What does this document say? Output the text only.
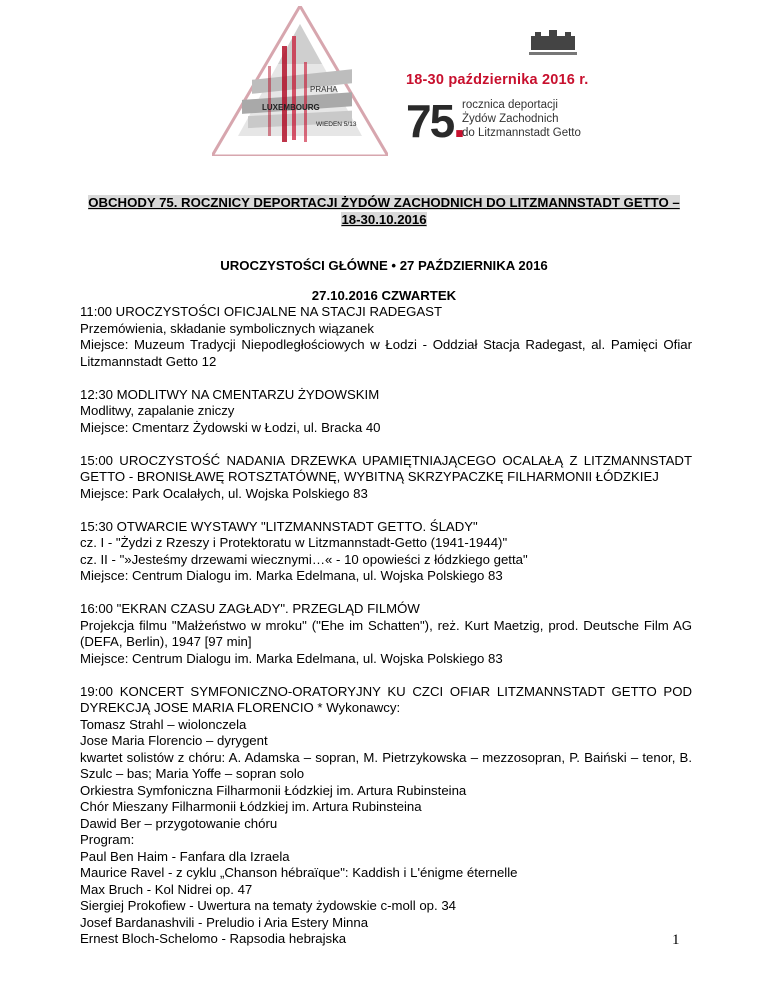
PRAHA
LUXEMBOURG
WIEDEN 5/13
18-30 października 2016 r.
75.
rocznica deportacji
Żydów Zachodnich
do Litzmannstadt Getto
OBCHODY 75. ROCZNICY DEPORTACJI ŻYDÓW ZACHODNICH DO LITZMANNSTADT GETTO – 18-30.10.2016
UROCZYSTOŚCI GŁÓWNE • 27 PAŹDZIERNIKA 2016
27.10.2016 CZWARTEK

11:00 UROCZYSTOŚCI OFICJALNE NA STACJI RADEGAST

Przemówienia, składanie symbolicznych wiązanek

Miejsce: Muzeum Tradycji Niepodległościowych w Łodzi - Oddział Stacja Radegast, al. Pamięci Ofiar Litzmannstadt Getto 12

12:30 MODLITWY NA CMENTARZU ŻYDOWSKIM

Modlitwy, zapalanie zniczy

Miejsce: Cmentarz Żydowski w Łodzi, ul. Bracka 40

15:00 UROCZYSTOŚĆ NADANIA DRZEWKA UPAMIĘTNIAJĄCEGO OCALAŁĄ Z LITZMANNSTADT GETTO - BRONISŁAWĘ ROTSZTATÓWNĘ, WYBITNĄ SKRZYPACZKĘ FILHARMONII ŁÓDZKIEJ

Miejsce: Park Ocalałych, ul. Wojska Polskiego 83

15:30 OTWARCIE WYSTAWY "LITZMANNSTADT GETTO. ŚLADY"

cz. I - "Żydzi z Rzeszy i Protektoratu w Litzmannstadt-Getto (1941-1944)"

cz. II - "»Jesteśmy drzewami wiecznymi…« - 10 opowieści z łódzkiego getta"

Miejsce: Centrum Dialogu im. Marka Edelmana, ul. Wojska Polskiego 83

16:00 "EKRAN CZASU ZAGŁADY". PRZEGLĄD FILMÓW

Projekcja filmu "Małżeństwo w mroku" ("Ehe im Schatten"), reż. Kurt Maetzig, prod. Deutsche Film AG (DEFA, Berlin), 1947 [97 min]

Miejsce: Centrum Dialogu im. Marka Edelmana, ul. Wojska Polskiego 83

19:00 KONCERT SYMFONICZNO-ORATORYJNY KU CZCI OFIAR LITZMANNSTADT GETTO POD DYREKCJĄ JOSE MARIA FLORENCIO * Wykonawcy:

Tomasz Strahl – wiolonczela

Jose Maria Florencio – dyrygent

kwartet solistów z chóru: A. Adamska – sopran, M. Pietrzykowska – mezzosopran, P. Baiński – tenor, B. Szulc – bas; Maria Yoffe – sopran solo

Orkiestra Symfoniczna Filharmonii Łódzkiej im. Artura Rubinsteina

Chór Mieszany Filharmonii Łódzkiej im. Artura Rubinsteina

Dawid Ber – przygotowanie chóru

Program:

Paul Ben Haim - Fanfara dla Izraela

Maurice Ravel - z cyklu „Chanson hébraïque": Kaddish i L'énigme éternelle

Max Bruch - Kol Nidrei op. 47

Siergiej Prokofiew - Uwertura na tematy żydowskie c-moll op. 34

Josef Bardanashvili - Preludio i Aria Estery Minna

Ernest Bloch-Schelomo - Rapsodia hebrajska	1
